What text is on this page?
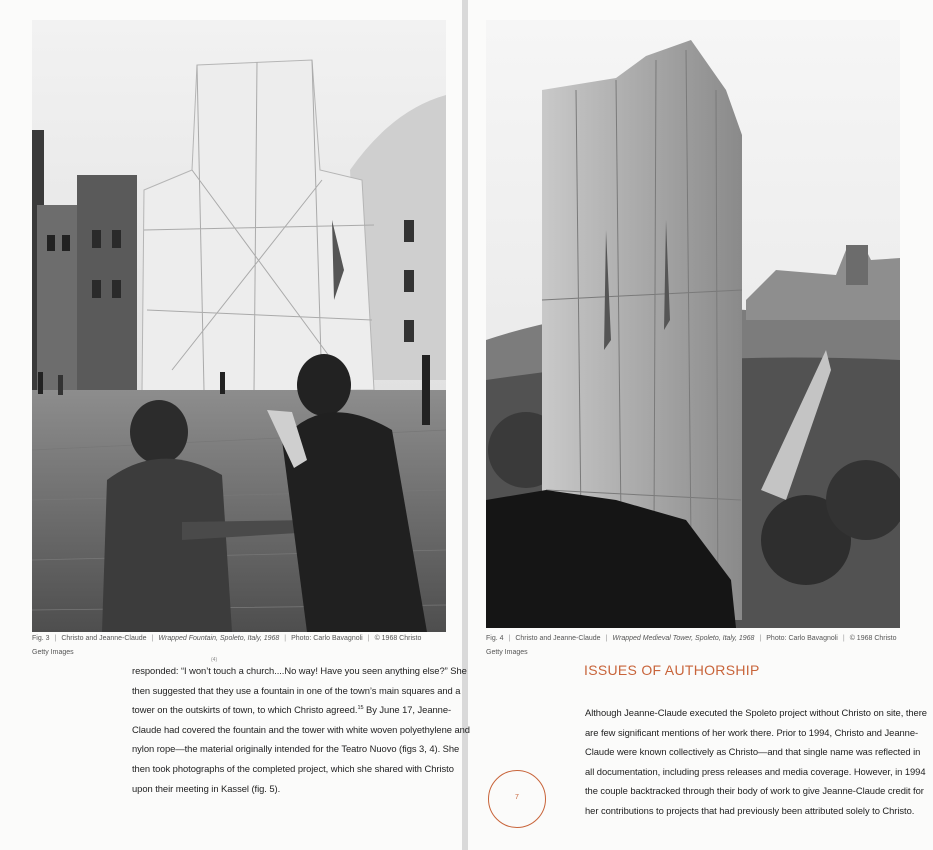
Fig. 3 | Christo and Jeanne-Claude | Wrapped Fountain, Spoleto, Italy, 1968 | Photo: Carlo Bavagnoli | © 1968 Christo
Getty Images
Fig. 4 | Christo and Jeanne-Claude | Wrapped Medieval Tower, Spoleto, Italy, 1968 | Photo: Carlo Bavagnoli | © 1968 Christo
Getty Images
responded: “I won’t touch a church....No way! Have you seen anything else?” She
then suggested that they use a fountain in one of the town’s main squares and a
tower on the outskirts of town, to which Christo agreed.$^{15}$ By June 17, Jeanne-
Claude had covered the fountain and the tower with white woven polyethylene and
nylon rope—the material originally intended for the Teatro Nuovo (figs 3, 4). She
then took photographs of the completed project, which she shared with Christo
upon their meeting in Kassel (fig. 5).
(4)
ISSUES OF AUTHORSHIP
Although Jeanne-Claude executed the Spoleto project without Christo on site, there
are few significant mentions of her work there. Prior to 1994, Christo and Jeanne-
Claude were known collectively as Christo—and that single name was reflected in
all documentation, including press releases and media coverage. However, in 1994
the couple backtracked through their body of work to give Jeanne-Claude credit for
her contributions to projects that had previously been attributed solely to Christo.
7
